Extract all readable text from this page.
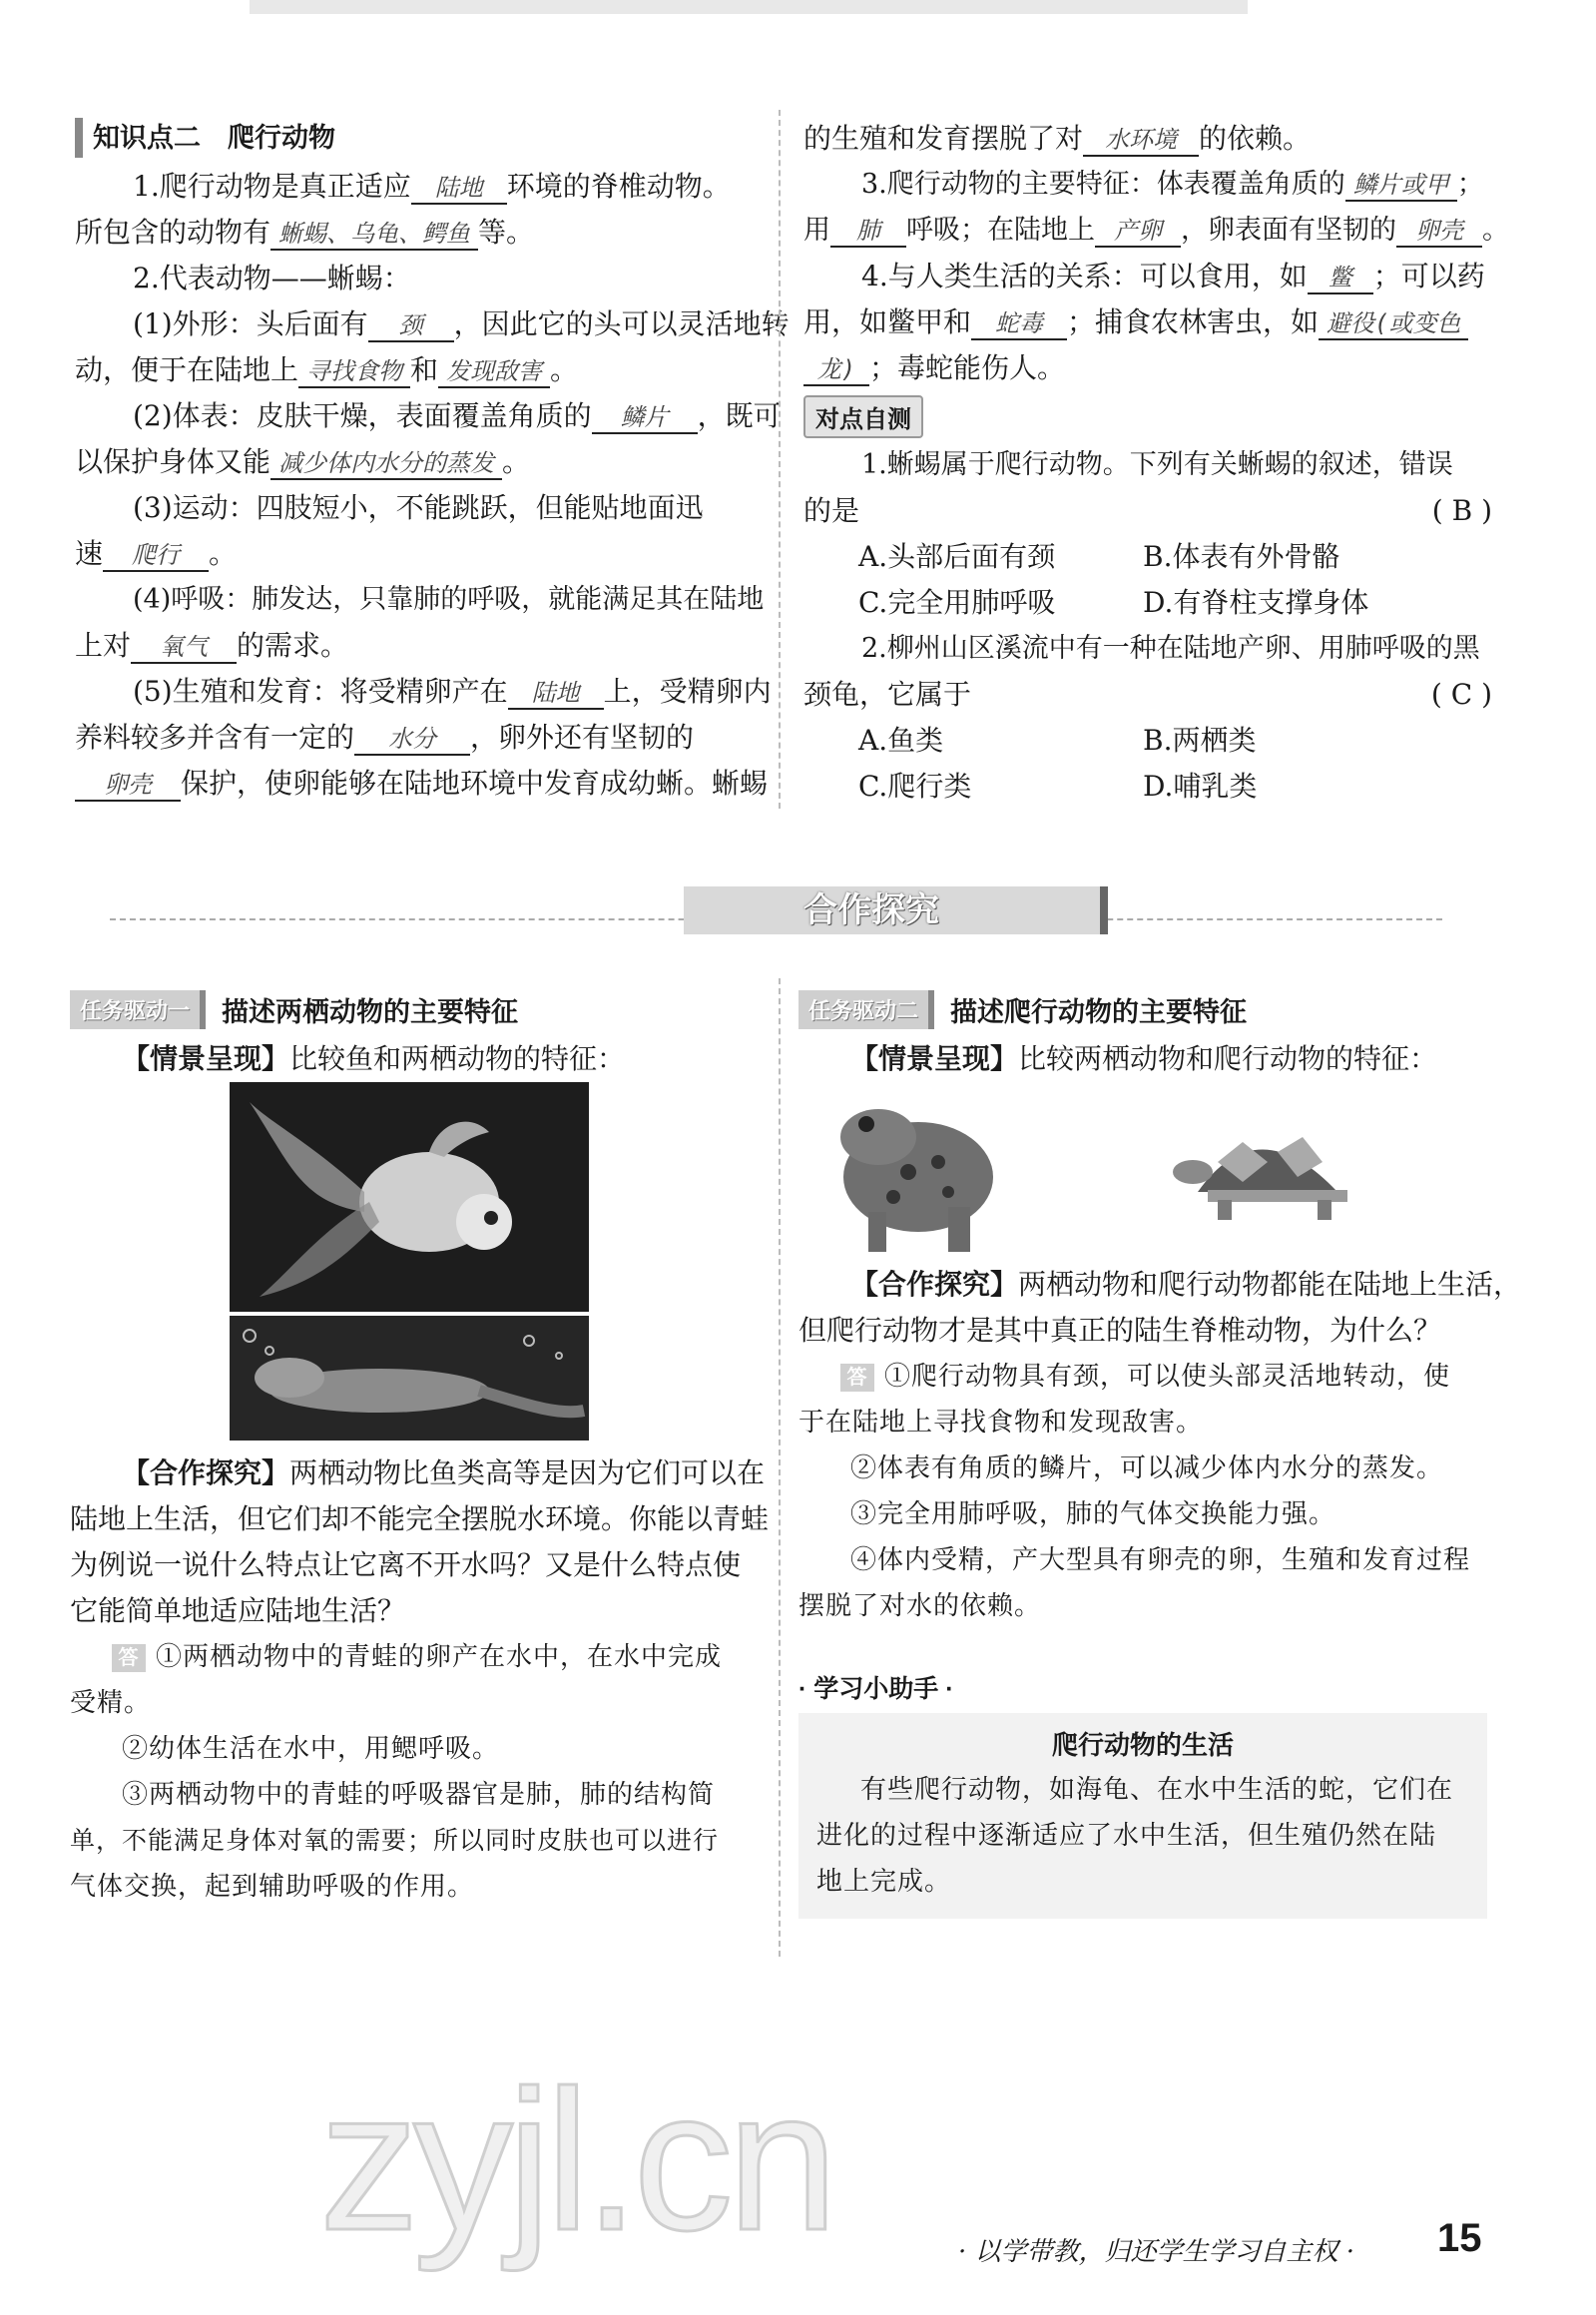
知识点二　爬行动物
1.爬行动物是真正适应 陆地 环境的脊椎动物。
所包含的动物有 蜥蜴、乌龟、鳄鱼 等。
2.代表动物——蜥蜴：
(1)外形：头后面有 颈 ，因此它的头可以灵活地转
动，便于在陆地上 寻找食物 和 发现敌害 。
(2)体表：皮肤干燥，表面覆盖角质的 鳞片 ，既可
以保护身体又能 减少体内水分的蒸发 。
(3)运动：四肢短小，不能跳跃，但能贴地面迅
速 爬行 。
(4)呼吸：肺发达，只靠肺的呼吸，就能满足其在陆地
上对 氧气 的需求。
(5)生殖和发育：将受精卵产在 陆地 上，受精卵内
养料较多并含有一定的 水分 ，卵外还有坚韧的
卵壳 保护，使卵能够在陆地环境中发育成幼蜥。蜥蜴
的生殖和发育摆脱了对 水环境 的依赖。
3.爬行动物的主要特征：体表覆盖角质的 鳞片或甲 ；
用 肺 呼吸；在陆地上 产卵 ，卵表面有坚韧的 卵壳 。
4.与人类生活的关系：可以食用，如 鳖 ；可以药
用，如鳖甲和 蛇毒 ；捕食农林害虫，如 避役(或变色
龙) ；毒蛇能伤人。
对点自测
1.蜥蜴属于爬行动物。下列有关蜥蜴的叙述，错误
的是	( B )
A.头部后面有颈	B.体表有外骨骼
C.完全用肺呼吸	D.有脊柱支撑身体
2.柳州山区溪流中有一种在陆地产卵、用肺呼吸的黑
颈龟，它属于	( C )
A.鱼类	B.两栖类
C.爬行类	D.哺乳类
合作探究
任务驱动一	描述两栖动物的主要特征
【情景呈现】比较鱼和两栖动物的特征：
【合作探究】两栖动物比鱼类高等是因为它们可以在
陆地上生活，但它们却不能完全摆脱水环境。你能以青蛙
为例说一说什么特点让它离不开水吗？又是什么特点使
它能简单地适应陆地生活？
答 ①两栖动物中的青蛙的卵产在水中，在水中完成
受精。
②幼体生活在水中，用鳃呼吸。
③两栖动物中的青蛙的呼吸器官是肺，肺的结构简
单，不能满足身体对氧的需要；所以同时皮肤也可以进行
气体交换，起到辅助呼吸的作用。
任务驱动二	描述爬行动物的主要特征
【情景呈现】比较两栖动物和爬行动物的特征：
【合作探究】两栖动物和爬行动物都能在陆地上生活，
但爬行动物才是其中真正的陆生脊椎动物，为什么？
答 ①爬行动物具有颈，可以使头部灵活地转动，使
于在陆地上寻找食物和发现敌害。
②体表有角质的鳞片，可以减少体内水分的蒸发。
③完全用肺呼吸，肺的气体交换能力强。
④体内受精，产大型具有卵壳的卵，生殖和发育过程
摆脱了对水的依赖。
· 学习小助手 ·
爬行动物的生活
有些爬行动物，如海龟、在水中生活的蛇，它们在
进化的过程中逐渐适应了水中生活，但生殖仍然在陆
地上完成。
zyjl.cn	· 以学带教，归还学生学习自主权 · 15
